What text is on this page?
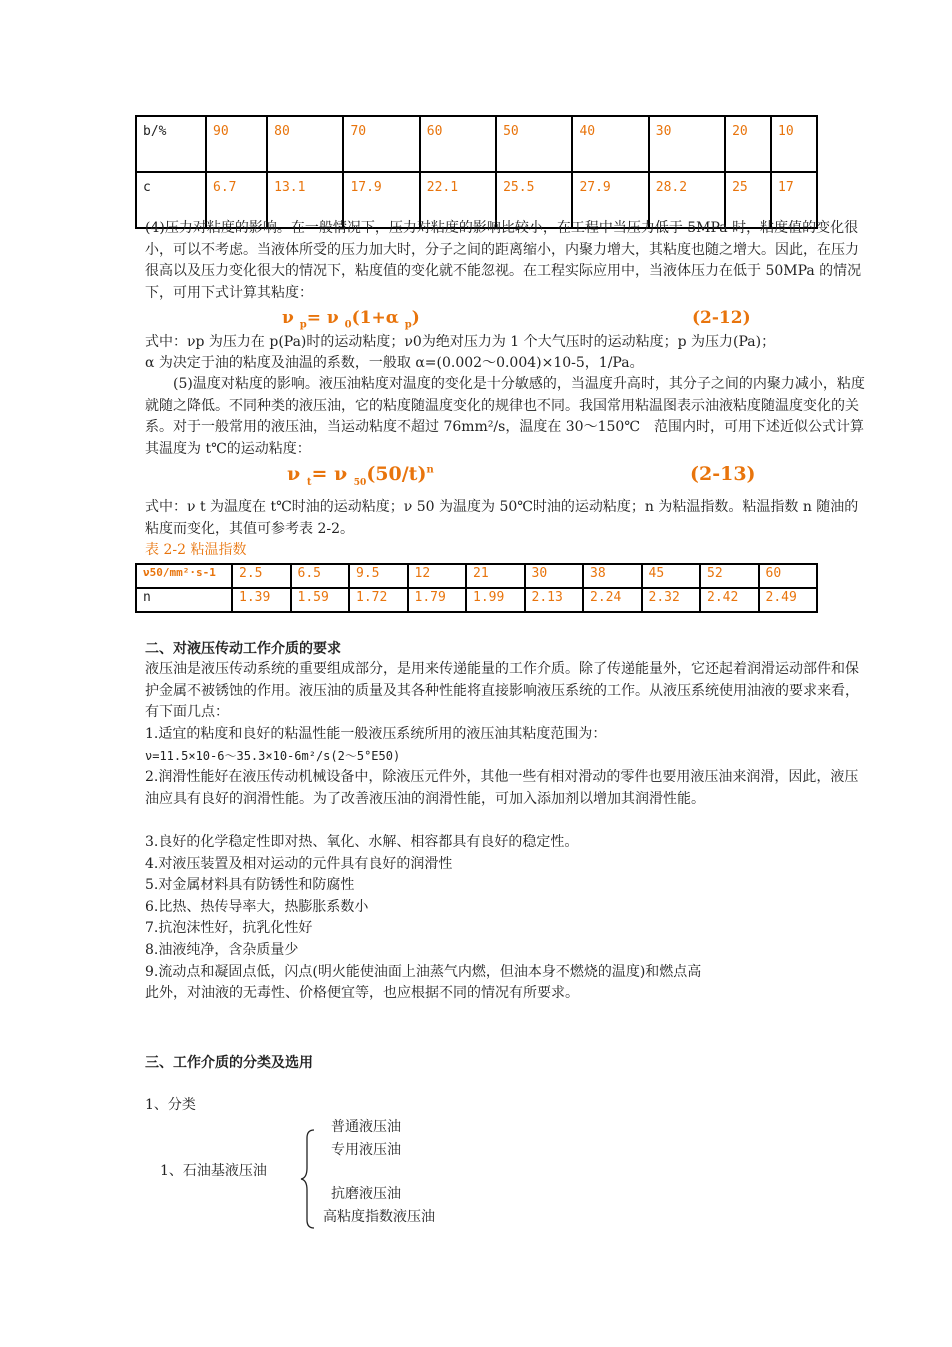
b/%	90	80	70	60	50	40	30	20	10
c	6.7	13.1	17.9	22.1	25.5	27.9	28.2	25	17

(4)压力对粘度的影响。在一般情况下，压力对粘度的影响比较小，在工程中当压力低于 5MPa 时，粘度值的变化很小，可以不考虑。当液体所受的压力加大时，分子之间的距离缩小，内聚力增大，其粘度也随之增大。因此，在压力很高以及压力变化很大的情况下，粘度值的变化就不能忽视。在工程实际应用中，当液体压力在低于 50MPa 的情况下，可用下式计算其粘度：

ν $_p$= ν $_0$(1+α $_p$)	(2-12)
式中：νp 为压力在 p(Pa)时的运动粘度；ν0为绝对压力为 1 个大气压时的运动粘度；p 为压力(Pa)；
α 为决定于油的粘度及油温的系数，一般取 α=(0.002～0.004)×10-5，1/Pa。

(5)温度对粘度的影响。液压油粘度对温度的变化是十分敏感的，当温度升高时，其分子之间的内聚力减小，粘度就随之降低。不同种类的液压油，它的粘度随温度变化的规律也不同。我国常用粘温图表示油液粘度随温度变化的关系。对于一般常用的液压油，当运动粘度不超过 76mm²/s，温度在 30～150℃　范围内时，可用下述近似公式计算其温度为 t℃的运动粘度：

ν $_t$= ν $_{50}(50/t)^n$	(2-13)

式中：ν t 为温度在 t℃时油的运动粘度；ν 50 为温度为 50℃时油的运动粘度；n 为粘温指数。粘温指数 n 随油的粘度而变化，其值可参考表 2-2。

表 2-2 粘温指数
ν50/mm²·s-1	2.5	6.5	9.5	12	21	30	38	45	52	60
n	1.39	1.59	1.72	1.79	1.99	2.13	2.24	2.32	2.42	2.49
二、对液压传动工作介质的要求

液压油是液压传动系统的重要组成部分，是用来传递能量的工作介质。除了传递能量外，它还起着润滑运动部件和保护金属不被锈蚀的作用。液压油的质量及其各种性能将直接影响液压系统的工作。从液压系统使用油液的要求来看，有下面几点：

1.适宜的粘度和良好的粘温性能一般液压系统所用的液压油其粘度范围为：
ν=11.5×10-6～35.3×10-6m²/s(2～5°E50)

2.润滑性能好在液压传动机械设备中，除液压元件外，其他一些有相对滑动的零件也要用液压油来润滑，因此，液压油应具有良好的润滑性能。为了改善液压油的润滑性能，可加入添加剂以增加其润滑性能。

3.良好的化学稳定性即对热、氧化、水解、相容都具有良好的稳定性。
4.对液压装置及相对运动的元件具有良好的润滑性
5.对金属材料具有防锈性和防腐性
6.比热、热传导率大，热膨胀系数小
7.抗泡沫性好，抗乳化性好
8.油液纯净，含杂质量少
9.流动点和凝固点低，闪点(明火能使油面上油蒸气内燃，但油本身不燃烧的温度)和燃点高
此外，对油液的无毒性、价格便宜等，也应根据不同的情况有所要求。
三、工作介质的分类及选用
1、分类
1、石油基液压油
普通液压油
专用液压油
抗磨液压油
高粘度指数液压油
